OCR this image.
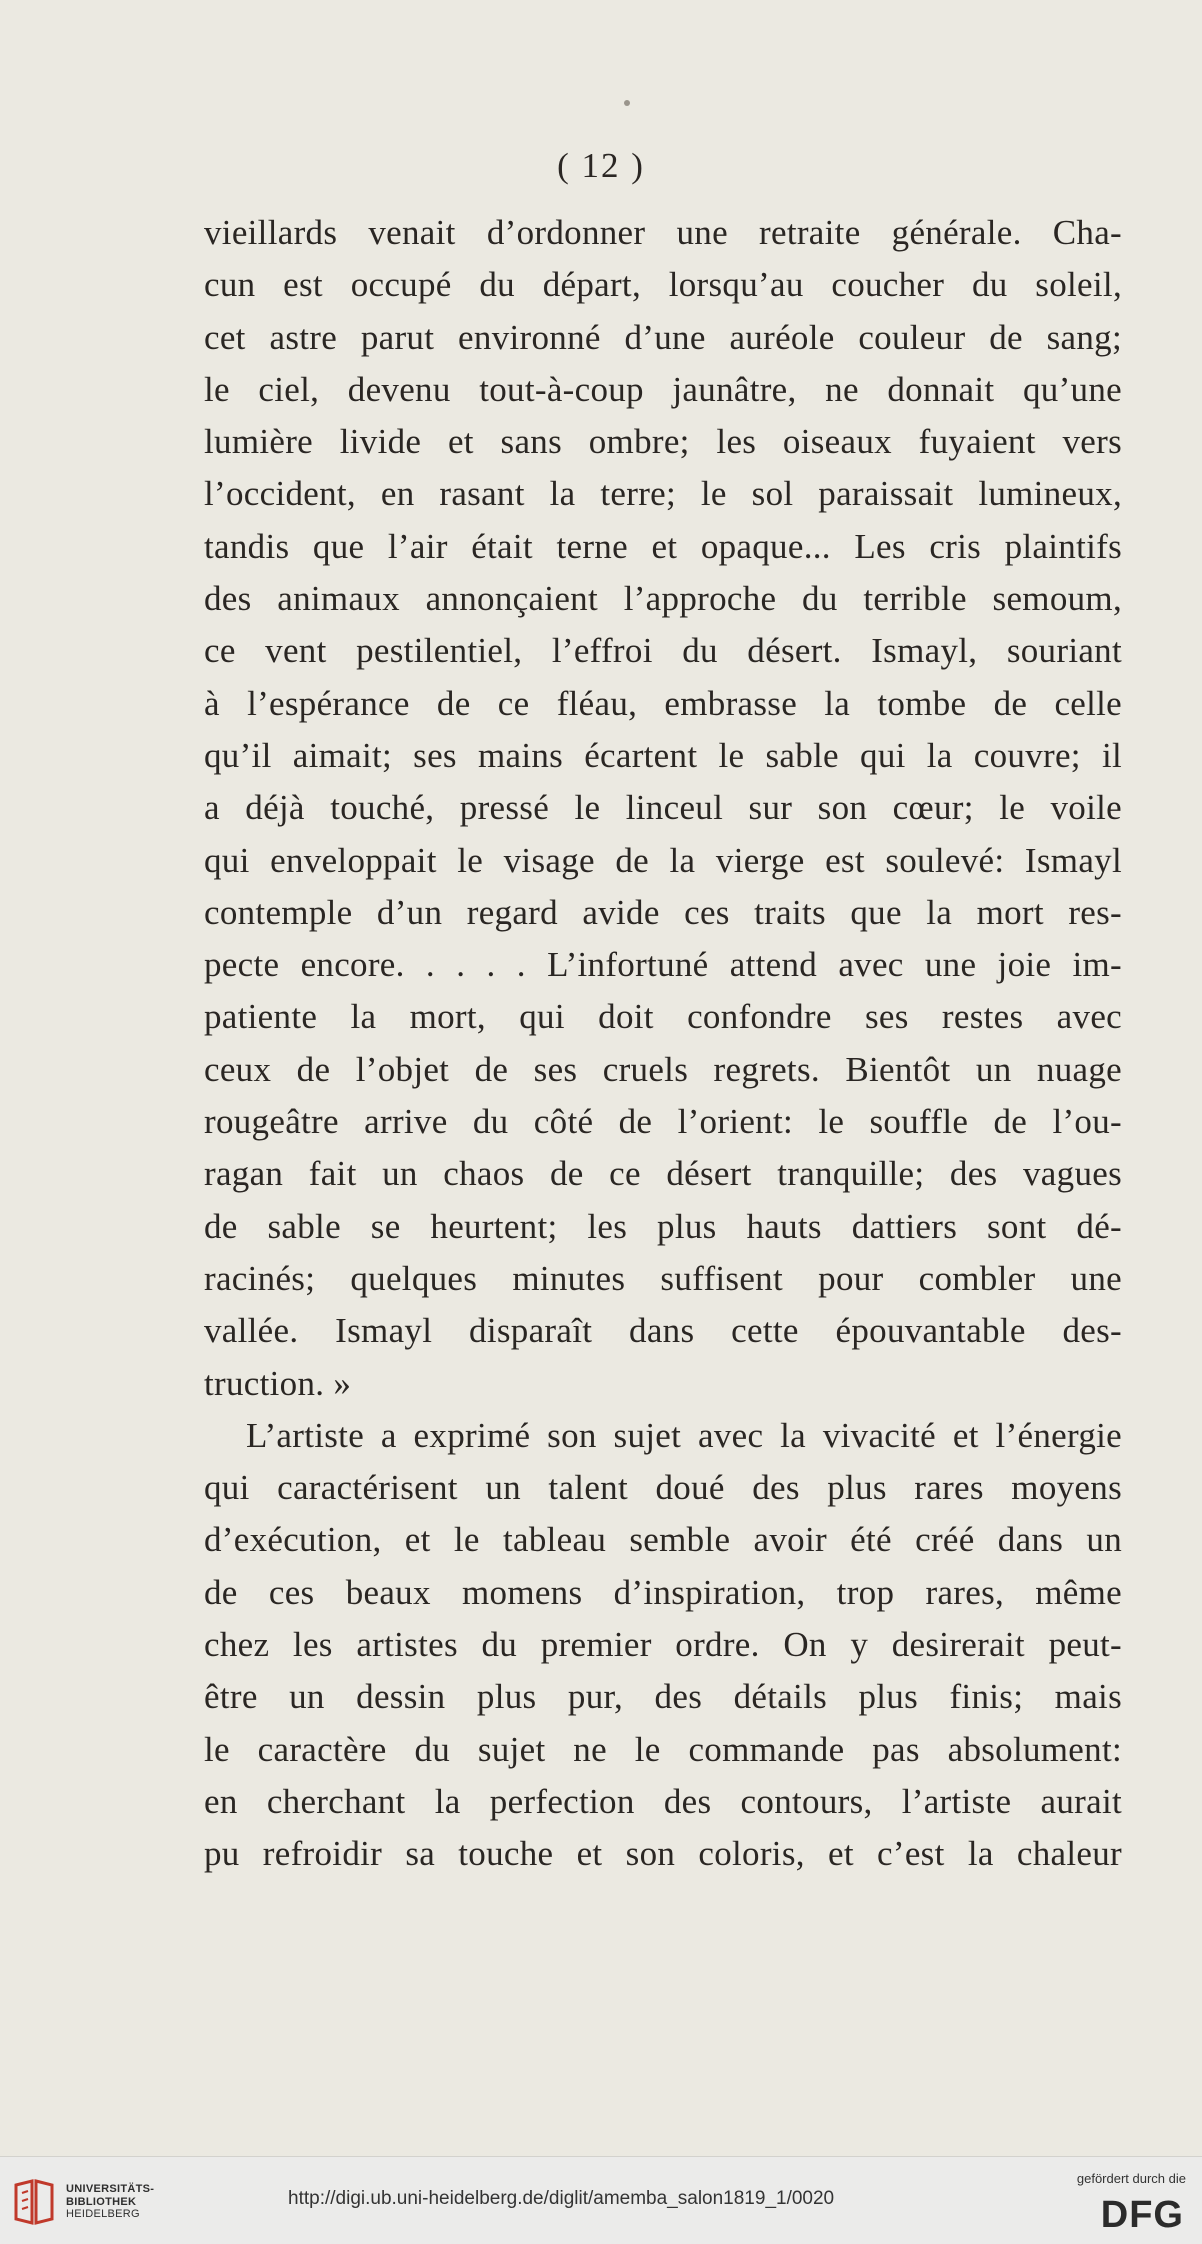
( 12 )
vieillards venait d’ordonner une retraite générale. Cha-
cun est occupé du départ, lorsqu’au coucher du soleil,
cet astre parut environné d’une auréole couleur de sang;
le ciel, devenu tout-à-coup jaunâtre, ne donnait qu’une
lumière livide et sans ombre; les oiseaux fuyaient vers
l’occident, en rasant la terre; le sol paraissait lumineux,
tandis que l’air était terne et opaque... Les cris plaintifs
des animaux annonçaient l’approche du terrible semoum,
ce vent pestilentiel, l’effroi du désert. Ismayl, souriant
à l’espérance de ce fléau, embrasse la tombe de celle
qu’il aimait; ses mains écartent le sable qui la couvre; il
a déjà touché, pressé le linceul sur son cœur; le voile
qui enveloppait le visage de la vierge est soulevé: Ismayl
contemple d’un regard avide ces traits que la mort res-
pecte encore. . . . . L’infortuné attend avec une joie im-
patiente la mort, qui doit confondre ses restes avec
ceux de l’objet de ses cruels regrets. Bientôt un nuage
rougeâtre arrive du côté de l’orient: le souffle de l’ou-
ragan fait un chaos de ce désert tranquille; des vagues
de sable se heurtent; les plus hauts dattiers sont dé-
racinés; quelques minutes suffisent pour combler une
vallée. Ismayl disparaît dans cette épouvantable des-
truction. »
L’artiste a exprimé son sujet avec la vivacité et l’énergie
qui caractérisent un talent doué des plus rares moyens
d’exécution, et le tableau semble avoir été créé dans un
de ces beaux momens d’inspiration, trop rares, même
chez les artistes du premier ordre. On y desirerait peut-
être un dessin plus pur, des détails plus finis; mais
le caractère du sujet ne le commande pas absolument:
en cherchant la perfection des contours, l’artiste aurait
pu refroidir sa touche et son coloris, et c’est la chaleur
UNIVERSITÄTS-
BIBLIOTHEK
HEIDELBERG
http://digi.ub.uni-heidelberg.de/diglit/amemba_salon1819_1/0020
gefördert durch die
DFG
